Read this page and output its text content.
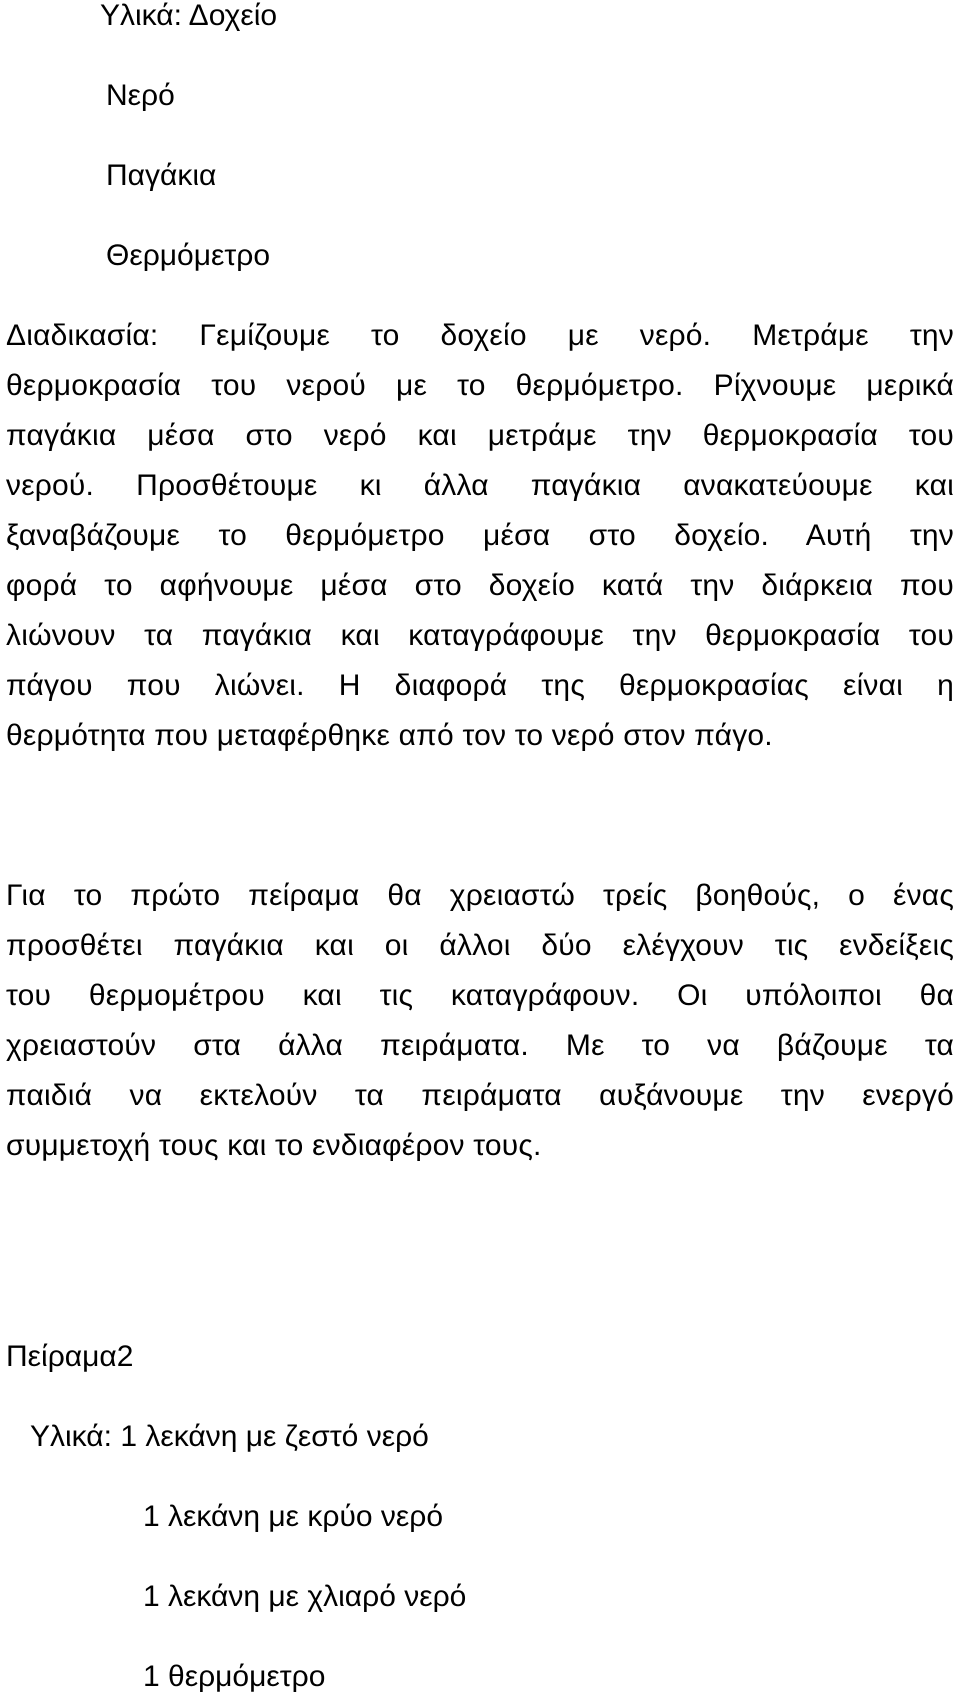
Υλικά: Δοχείο
Νερό
Παγάκια
Θερμόμετρο
Διαδικασία: Γεμίζουμε το δοχείο με νερό. Μετράμε την
θερμοκρασία του νερού με το θερμόμετρο. Ρίχνουμε μερικά
παγάκια μέσα στο νερό και μετράμε την θερμοκρασία του
νερού. Προσθέτουμε κι άλλα παγάκια ανακατεύουμε και
ξαναβάζουμε το θερμόμετρο μέσα στο δοχείο. Αυτή την
φορά το αφήνουμε μέσα στο δοχείο κατά την διάρκεια που
λιώνουν τα παγάκια και καταγράφουμε την θερμοκρασία του
πάγου που λιώνει. Η διαφορά της θερμοκρασίας είναι η
θερμότητα που μεταφέρθηκε από τον το νερό στον πάγο.
Για το πρώτο πείραμα θα χρειαστώ τρείς βοηθούς, ο ένας
προσθέτει παγάκια και οι άλλοι δύο ελέγχουν τις ενδείξεις
του θερμομέτρου και τις καταγράφουν. Οι υπόλοιποι θα
χρειαστούν στα άλλα πειράματα. Με το να βάζουμε τα
παιδιά να εκτελούν τα πειράματα αυξάνουμε την ενεργό
συμμετοχή τους και το ενδιαφέρον τους.
Πείραμα2
Υλικά: 1 λεκάνη με ζεστό νερό
1 λεκάνη με κρύο νερό
1 λεκάνη με χλιαρό νερό
1 θερμόμετρο
